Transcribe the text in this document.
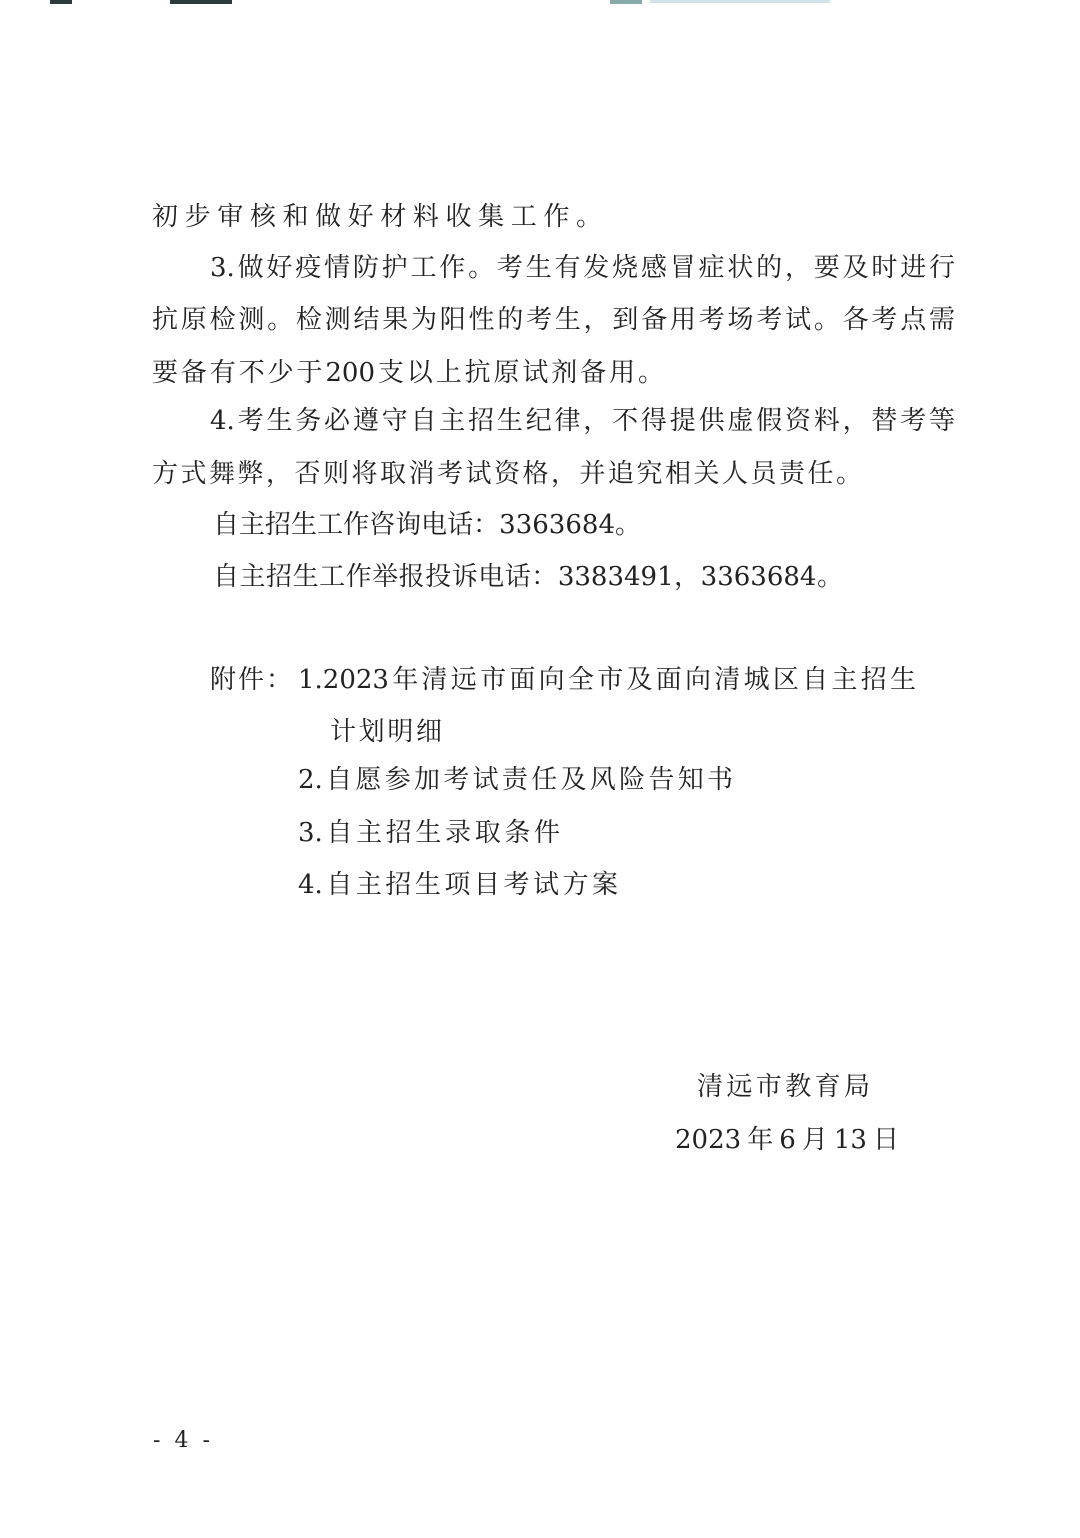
初步审核和做好材料收集工作。
3.做好疫情防护工作。考生有发烧感冒症状的，要及时进行
抗原检测。检测结果为阳性的考生，到备用考场考试。各考点需
要备有不少于200支以上抗原试剂备用。
4.考生务必遵守自主招生纪律，不得提供虚假资料，替考等
方式舞弊，否则将取消考试资格，并追究相关人员责任。
自主招生工作咨询电话：3363684。
自主招生工作举报投诉电话：3383491，3363684。
附件： 1.2023年清远市面向全市及面向清城区自主招生
计划明细
2.自愿参加考试责任及风险告知书
3.自主招生录取条件
4.自主招生项目考试方案
清远市教育局
2023年6月13日
- 4 -
